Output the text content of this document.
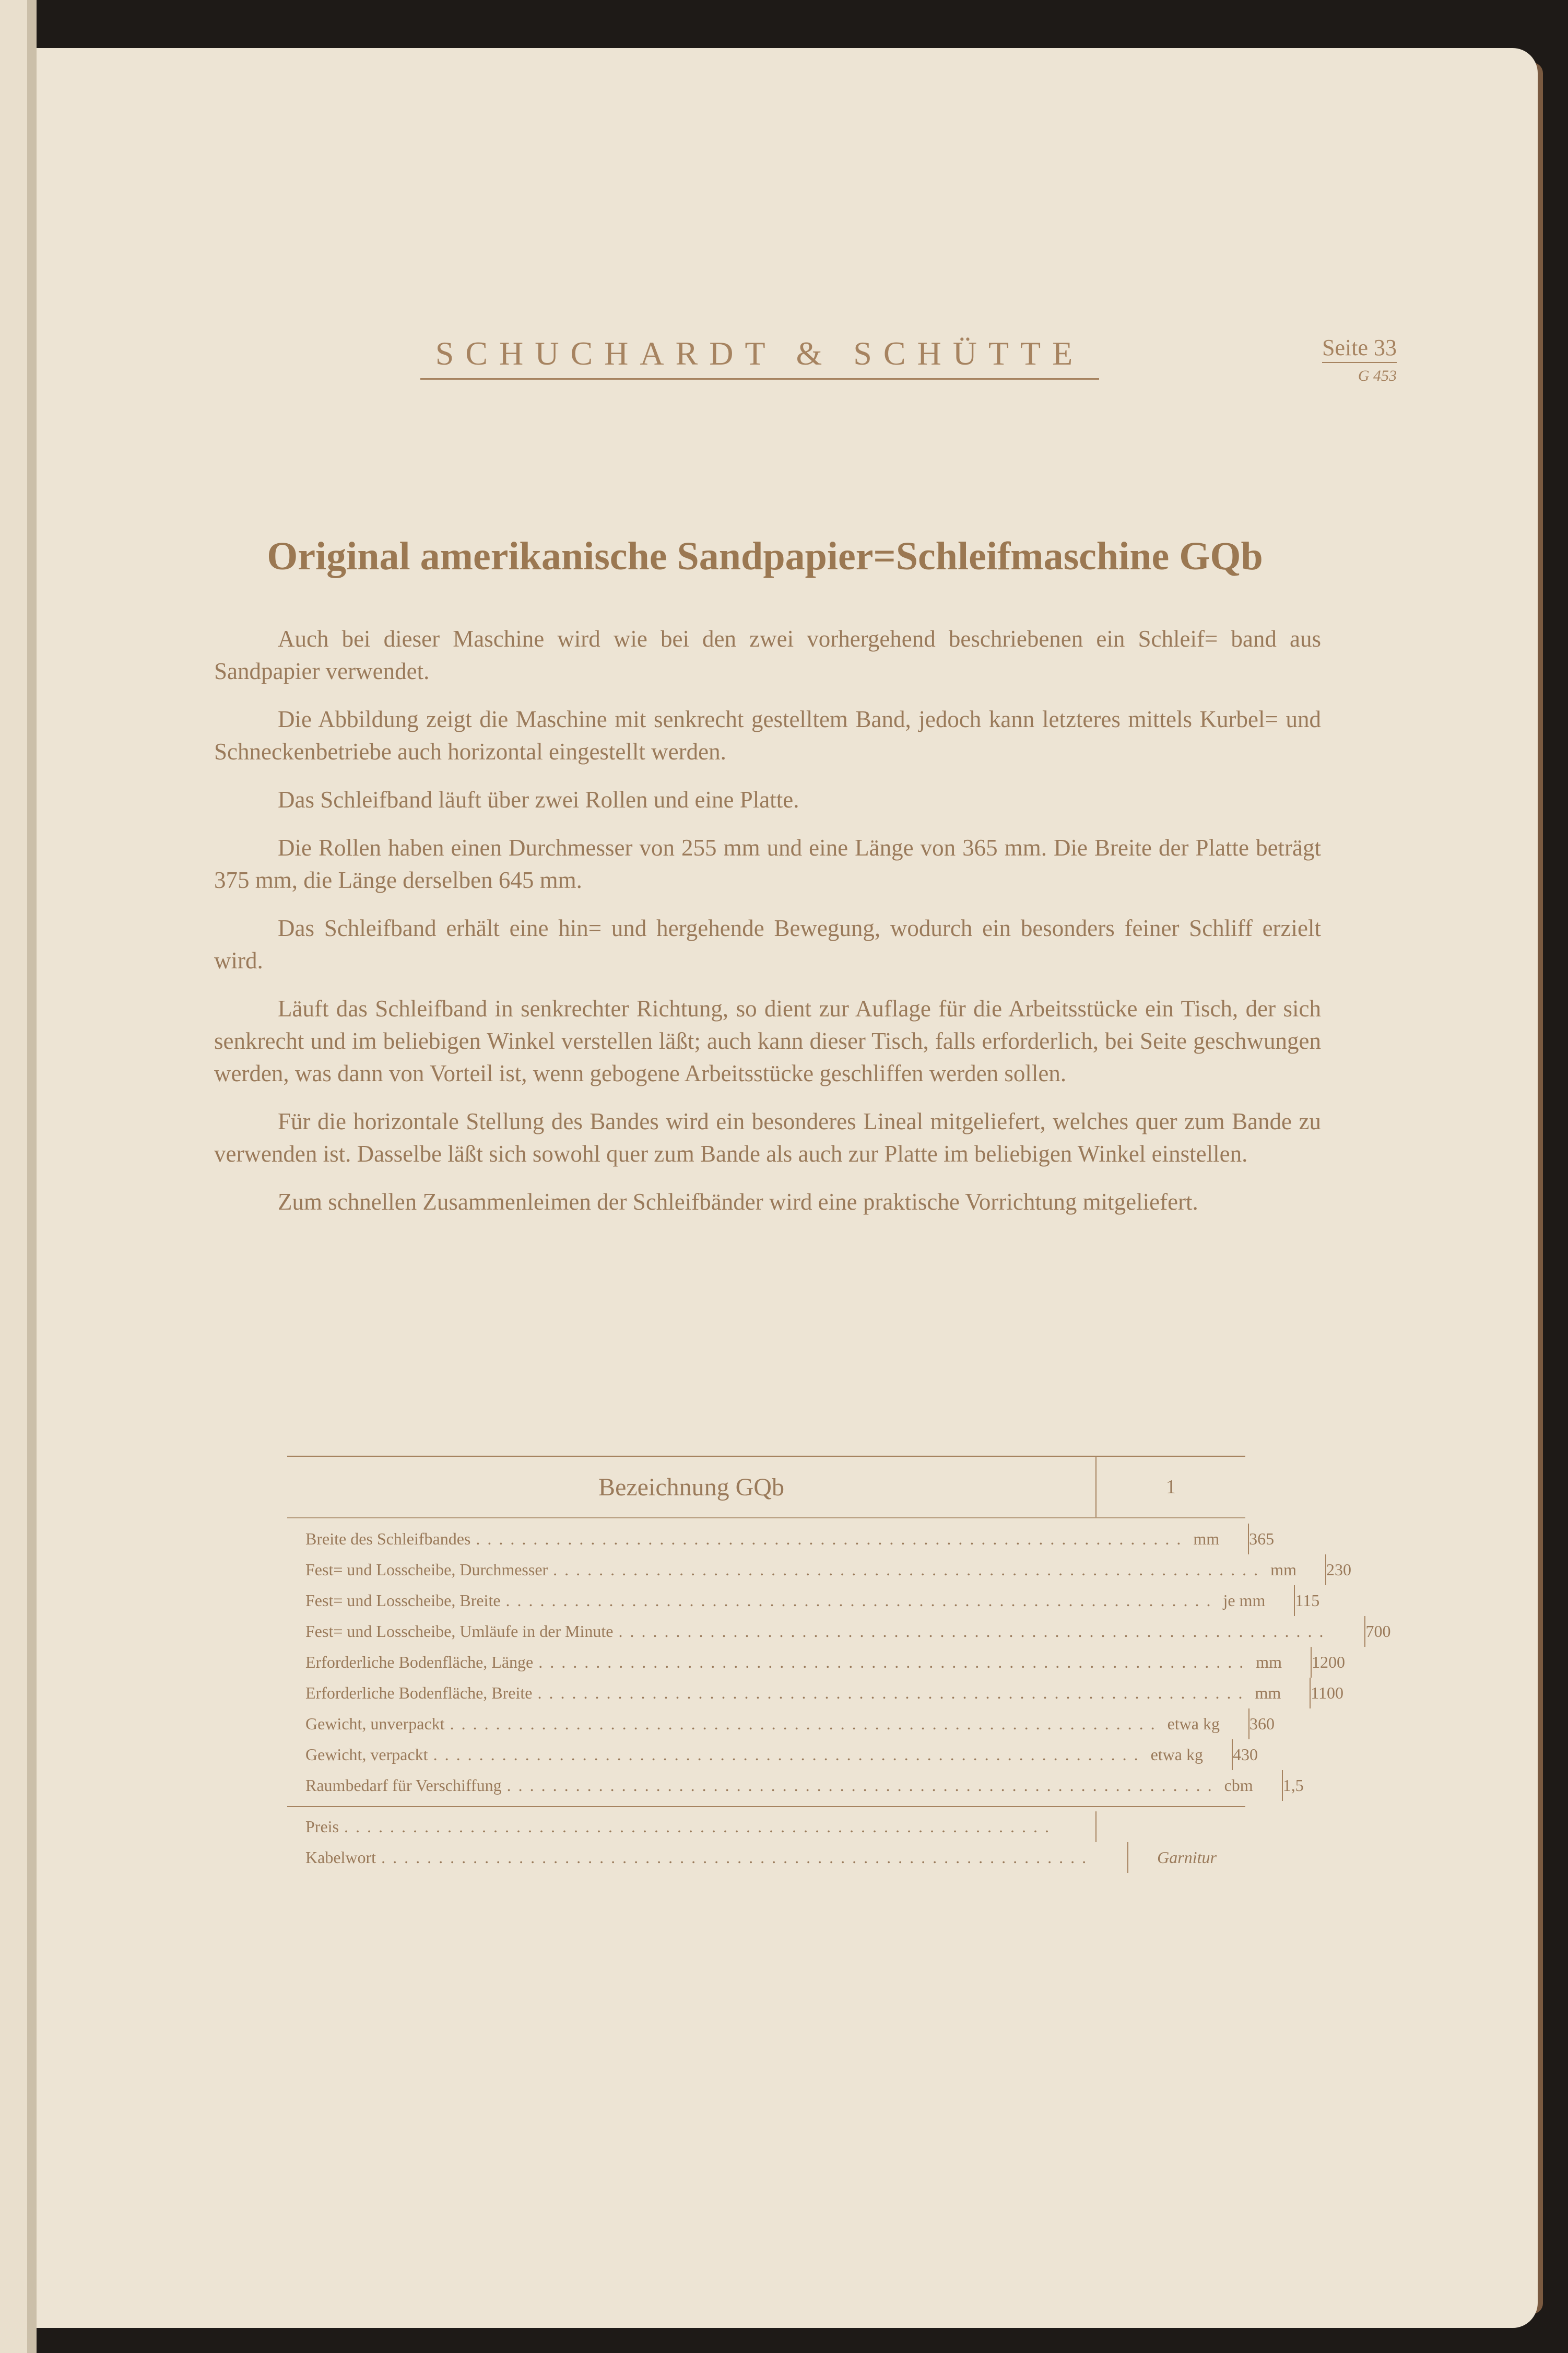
SCHUCHARDT & SCHÜTTE	Seite 33
G 453
Original amerikanische Sandpapier=Schleifmaschine GQb

Auch bei dieser Maschine wird wie bei den zwei vorhergehend beschriebenen ein Schleif= band aus Sandpapier verwendet.

Die Abbildung zeigt die Maschine mit senkrecht gestelltem Band, jedoch kann letzteres mittels Kurbel= und Schneckenbetriebe auch horizontal eingestellt werden.

Das Schleifband läuft über zwei Rollen und eine Platte.

Die Rollen haben einen Durchmesser von 255 mm und eine Länge von 365 mm. Die Breite der Platte beträgt 375 mm, die Länge derselben 645 mm.

Das Schleifband erhält eine hin= und hergehende Bewegung, wodurch ein besonders feiner Schliff erzielt wird.

Läuft das Schleifband in senkrechter Richtung, so dient zur Auflage für die Arbeitsstücke ein Tisch, der sich senkrecht und im beliebigen Winkel verstellen läßt; auch kann dieser Tisch, falls erforderlich, bei Seite geschwungen werden, was dann von Vorteil ist, wenn gebogene Arbeitsstücke geschliffen werden sollen.

Für die horizontale Stellung des Bandes wird ein besonderes Lineal mitgeliefert, welches quer zum Bande zu verwenden ist. Dasselbe läßt sich sowohl quer zum Bande als auch zur Platte im beliebigen Winkel einstellen.

Zum schnellen Zusammenleimen der Schleifbänder wird eine praktische Vorrichtung mitgeliefert.

Bezeichnung GQb	1
Breite des Schleifbandes .............................................................. mm 365
Fest= und Losscheibe, Durchmesser .............................................................. mm 230
Fest= und Losscheibe, Breite .............................................................. je mm 115
Fest= und Losscheibe, Umläufe in der Minute ..............................................................	700
Erforderliche Bodenfläche, Länge .............................................................. mm 1200
Erforderliche Bodenfläche, Breite .............................................................. mm 1100
Gewicht, unverpackt .............................................................. etwa kg 360
Gewicht, verpackt .............................................................. etwa kg 430
Raumbedarf für Verschiffung .............................................................. cbm 1,5
Preis ..............................................................
Kabelwort ..............................................................	Garnitur
